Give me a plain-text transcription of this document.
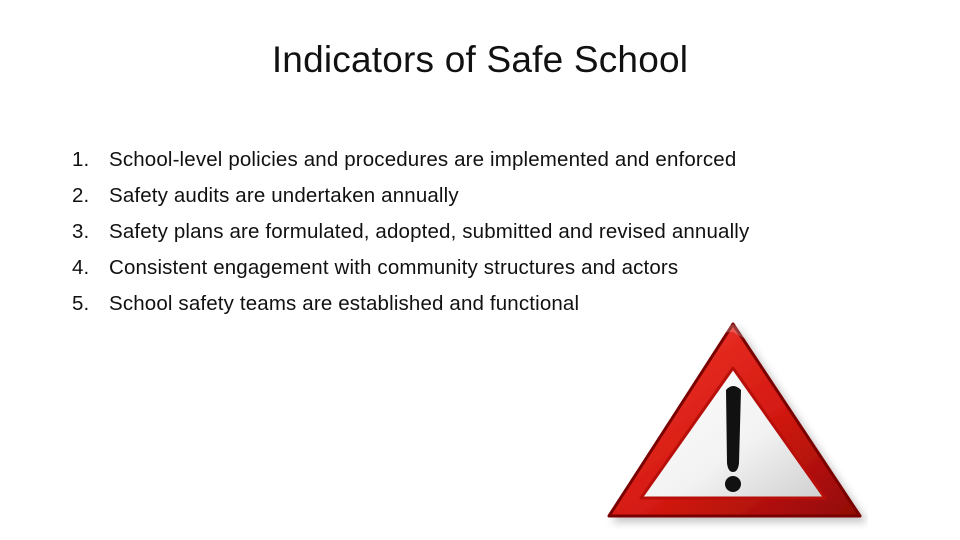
Indicators of Safe School
1. School-level policies and procedures are implemented and enforced
2. Safety audits are undertaken annually
3. Safety plans are formulated, adopted, submitted and revised annually
4. Consistent engagement with community structures and actors
5. School safety teams are established and functional
